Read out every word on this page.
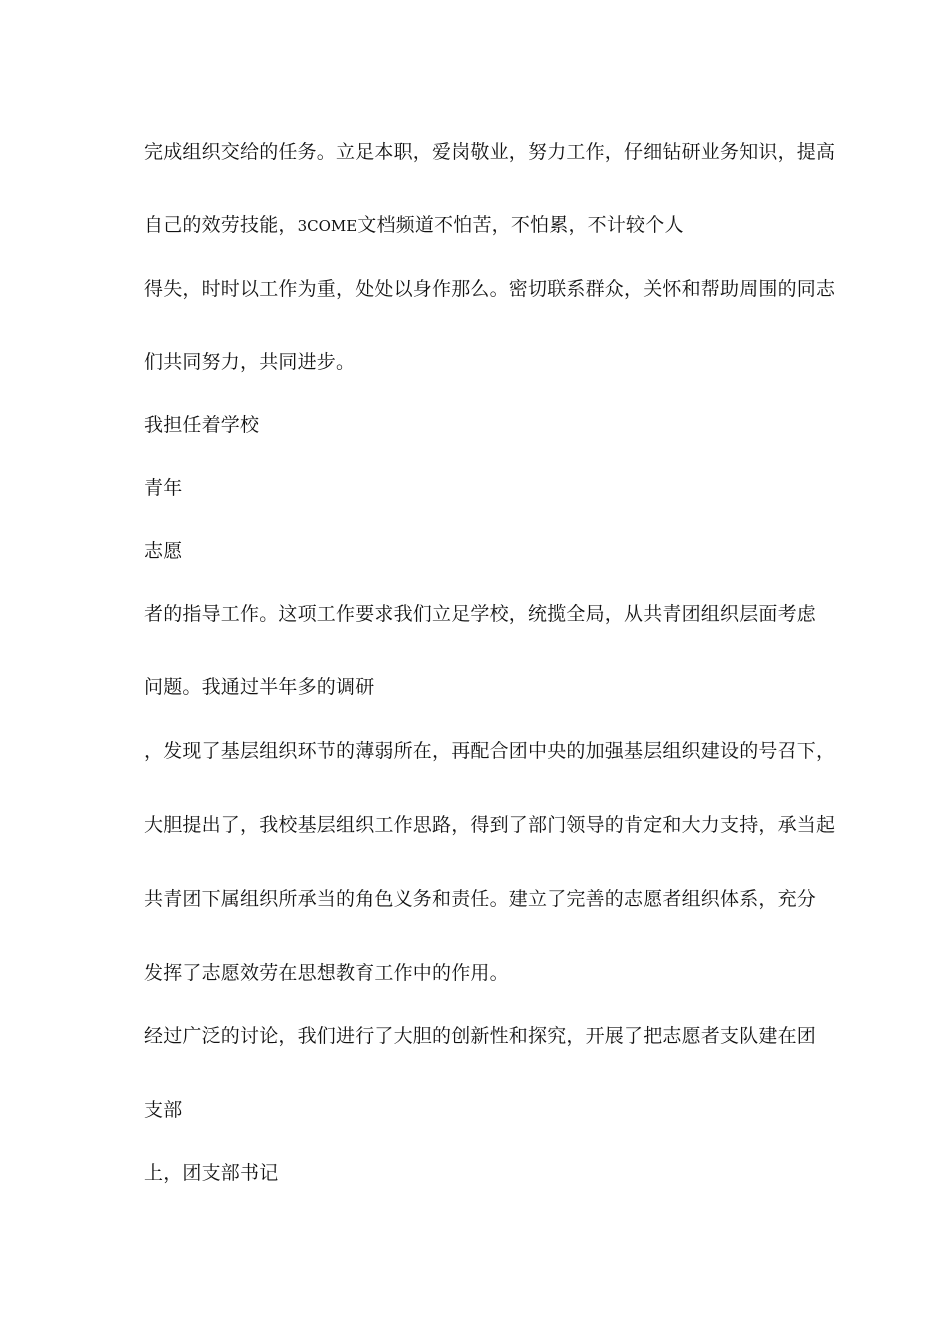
完成组织交给的任务。立足本职，爱岗敬业，努力工作，仔细钻研业务知识，提高
自己的效劳技能，3COME文档频道不怕苦，不怕累，不计较个人
得失，时时以工作为重，处处以身作那么。密切联系群众，关怀和帮助周围的同志
们共同努力，共同进步。
我担任着学校
青年
志愿
者的指导工作。这项工作要求我们立足学校，统揽全局，从共青团组织层面考虑
问题。我通过半年多的调研
，发现了基层组织环节的薄弱所在，再配合团中央的加强基层组织建设的号召下，
大胆提出了，我校基层组织工作思路，得到了部门领导的肯定和大力支持，承当起
共青团下属组织所承当的角色义务和责任。建立了完善的志愿者组织体系，充分
发挥了志愿效劳在思想教育工作中的作用。
经过广泛的讨论，我们进行了大胆的创新性和探究，开展了把志愿者支队建在团
支部
上，团支部书记
